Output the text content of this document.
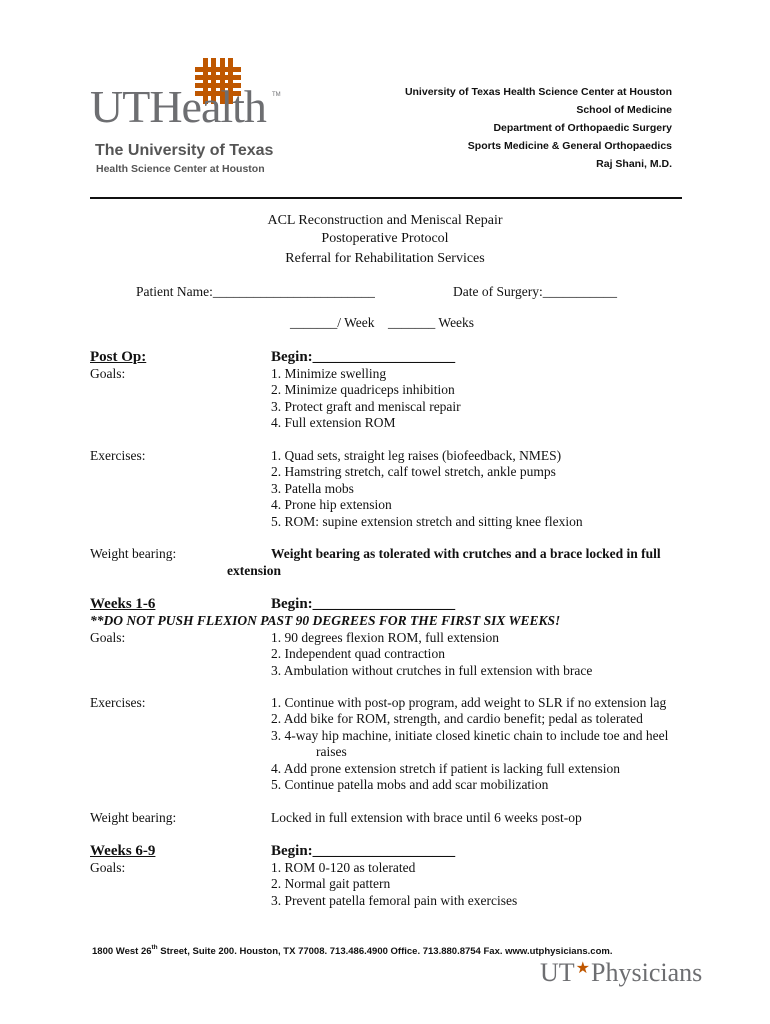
UTHealth TM
The University of Texas
Health Science Center at Houston
University of Texas Health Science Center at Houston
School of Medicine
Department of Orthopaedic Surgery
Sports Medicine & General Orthopaedics
Raj Shani, M.D.
ACL Reconstruction and Meniscal Repair
Postoperative Protocol
Referral for Rehabilitation Services
Patient Name:________________________	Date of Surgery:___________
_______/ Week    _______ Weeks
Post Op:	Begin:___________________
Goals:	1. Minimize swelling
2. Minimize quadriceps inhibition
3. Protect graft and meniscal repair
4. Full extension ROM
Exercises:	1. Quad sets, straight leg raises (biofeedback, NMES)
2. Hamstring stretch, calf towel stretch, ankle pumps
3. Patella mobs
4. Prone hip extension
5. ROM: supine extension stretch and sitting knee flexion
Weight bearing:	Weight bearing as tolerated with crutches and a brace locked in full
extension
Weeks 1-6	Begin:___________________
**DO NOT PUSH FLEXION PAST 90 DEGREES FOR THE FIRST SIX WEEKS!
Goals:	1. 90 degrees flexion ROM, full extension
2. Independent quad contraction
3. Ambulation without crutches in full extension with brace
Exercises:	1. Continue with post-op program, add weight to SLR if no extension lag
2. Add bike for ROM, strength, and cardio benefit; pedal as tolerated
3. 4-way hip machine, initiate closed kinetic chain to include toe and heel
raises
4. Add prone extension stretch if patient is lacking full extension
5. Continue patella mobs and add scar mobilization
Weight bearing:	Locked in full extension with brace until 6 weeks post-op
Weeks 6-9	Begin:___________________
Goals:	1. ROM 0-120 as tolerated
2. Normal gait pattern
3. Prevent patella femoral pain with exercises
1800 West 26th Street, Suite 200. Houston, TX 77008. 713.486.4900 Office. 713.880.8754 Fax. www.utphysicians.com.
UT★Physicians
